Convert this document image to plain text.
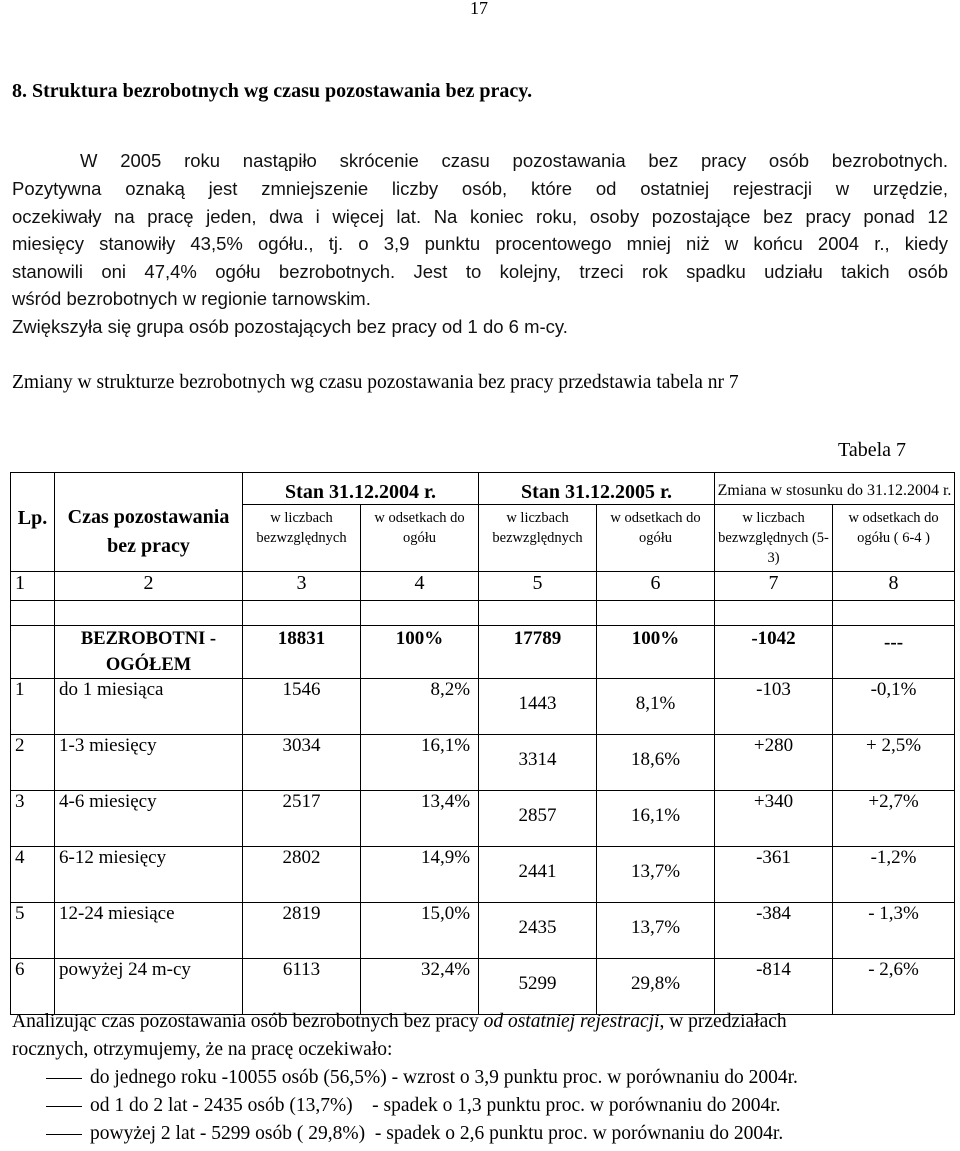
17
8. Struktura bezrobotnych wg czasu pozostawania bez pracy.
W 2005 roku nastąpiło skrócenie czasu pozostawania bez pracy osób bezrobotnych.
Pozytywna oznaką jest zmniejszenie liczby osób, które od ostatniej rejestracji w urzędzie,
oczekiwały na pracę jeden, dwa i więcej lat. Na koniec roku, osoby pozostające bez pracy ponad 12
miesięcy stanowiły 43,5% ogółu., tj. o 3,9 punktu procentowego mniej niż w końcu 2004 r., kiedy
stanowili oni 47,4% ogółu bezrobotnych. Jest to kolejny, trzeci rok spadku udziału takich osób
wśród bezrobotnych w regionie tarnowskim.
Zwiększyła się grupa osób pozostających bez pracy od 1 do 6 m-cy.
Zmiany w strukturze bezrobotnych wg czasu pozostawania bez pracy przedstawia tabela nr 7
Tabela 7
Lp.	Czas pozostawania bez pracy	Stan 31.12.2004 r.		Stan 31.12.2005 r.		Zmiana w stosunku do 31.12.2004 r.	
		w liczbach bezwzględnych	w odsetkach do ogółu	w liczbach bezwzględnych	w odsetkach do ogółu	w liczbach bezwzględnych (5-3)	w odsetkach do ogółu ( 6-4 )
1	2	3	4	5	6	7	8

	BEZROBOTNI - OGÓŁEM	18831	100%	17789	100%	-1042	---
1	do 1 miesiąca	1546	8,2%	1443	8,1%	-103	-0,1%
2	1-3 miesięcy	3034	16,1%	3314	18,6%	+280	+ 2,5%
3	4-6 miesięcy	2517	13,4%	2857	16,1%	+340	+2,7%
4	6-12 miesięcy	2802	14,9%	2441	13,7%	-361	-1,2%
5	12-24 miesiące	2819	15,0%	2435	13,7%	-384	- 1,3%
6	powyżej 24 m-cy	6113	32,4%	5299	29,8%	-814	- 2,6%
Analizując czas pozostawania osób bezrobotnych bez pracy od ostatniej rejestracji, w przedziałach
rocznych, otrzymujemy, że na pracę oczekiwało:
do jednego roku -10055 osób (56,5%) - wzrost o 3,9 punktu proc. w porównaniu do 2004r.
od 1 do 2 lat - 2435 osób (13,7%)    - spadek o 1,3 punktu proc. w porównaniu do 2004r.
powyżej 2 lat - 5299 osób ( 29,8%)  - spadek o 2,6 punktu proc. w porównaniu do 2004r.
